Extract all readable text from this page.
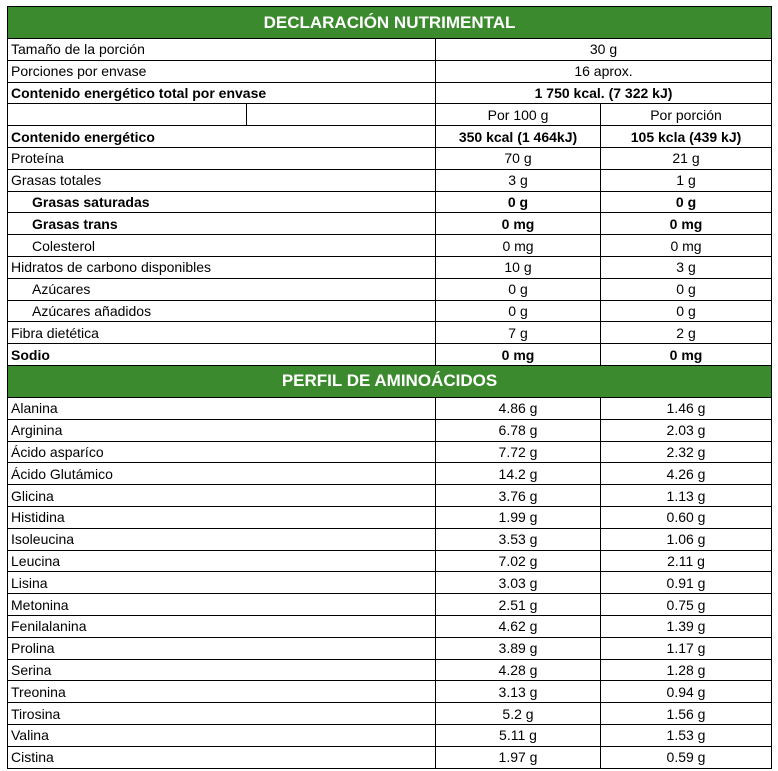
DECLARACIÓN NUTRIMENTAL			
Tamaño de la porción		30 g	
Porciones por envase		16 aprox.	
Contenido energético total por envase		1 750 kcal. (7 322 kJ)	
		Por 100 g	Por porción
Contenido energético		350 kcal (1 464kJ)	105 kcla (439 kJ)
Proteína		70 g	21 g
Grasas totales		3 g	1 g
Grasas saturadas		0 g	0 g
Grasas trans		0 mg	0 mg
Colesterol		0 mg	0 mg
Hidratos de carbono disponibles		10 g	3 g
Azúcares		0 g	0 g
Azúcares añadidos		0 g	0 g
Fibra dietética		7 g	2 g
Sodio		0 mg	0 mg
PERFIL DE AMINOÁCIDOS			
Alanina		4.86 g	1.46 g
Arginina		6.78 g	2.03 g
Ácido asparíco		7.72 g	2.32 g
Ácido Glutámico		14.2 g	4.26 g
Glicina		3.76 g	1.13 g
Histidina		1.99 g	0.60 g
Isoleucina		3.53 g	1.06 g
Leucina		7.02 g	2.11 g
Lisina		3.03 g	0.91 g
Metonina		2.51 g	0.75 g
Fenilalanina		4.62 g	1.39 g
Prolina		3.89 g	1.17 g
Serina		4.28 g	1.28 g
Treonina		3.13 g	0.94 g
Tirosina		5.2 g	1.56 g
Valina		5.11 g	1.53 g
Cistina		1.97 g	0.59 g
